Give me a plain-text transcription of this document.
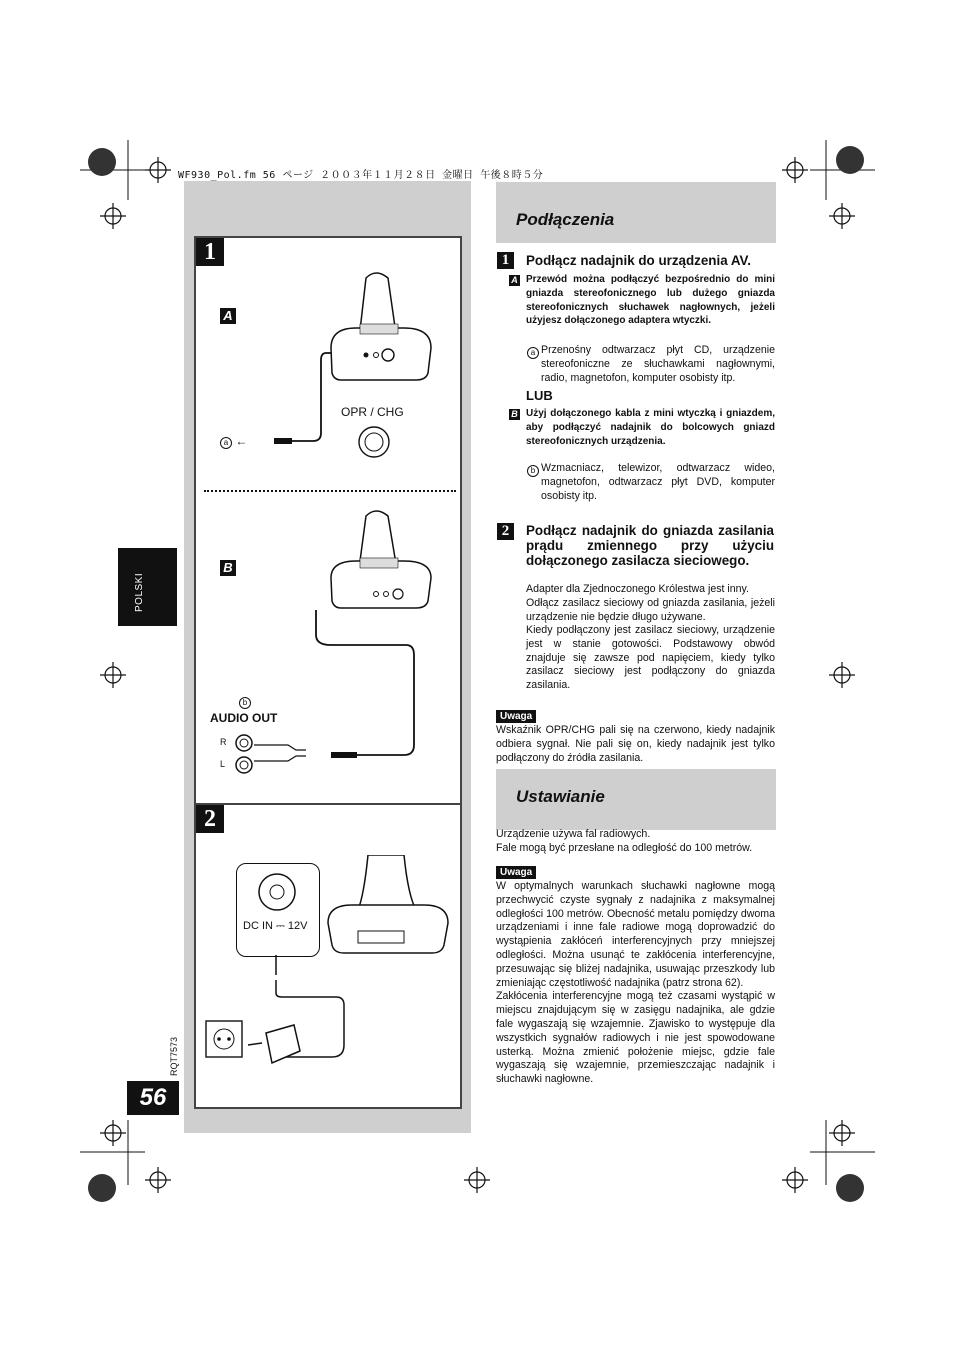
WF930_Pol.fm 56 ページ ２００３年１１月２８日 金曜日 午後８時５分
POLSKI
RQT7573
56
1
A
B
OPR / CHG
a ←
b
AUDIO OUT
R
L
2
DC IN ⎓ 12V
Podłączenia
1	Podłącz nadajnik do urządzenia AV.
A Przewód można podłączyć bezpośrednio do mini gniazda stereofonicznego lub dużego gniazda stereofonicznych słuchawek nagłownych, jeżeli użyjesz dołączonego adaptera wtyczki.
a Przenośny odtwarzacz płyt CD, urządzenie stereofoniczne ze słuchawkami nagłownymi, radio, magnetofon, komputer osobisty itp.
LUB
B Użyj dołączonego kabla z mini wtyczką i gniazdem, aby podłączyć nadajnik do bolcowych gniazd stereofonicznych urządzenia.
b Wzmacniacz, telewizor, odtwarzacz wideo, magnetofon, odtwarzacz płyt DVD, komputer osobisty itp.
2	Podłącz nadajnik do gniazda zasilania prądu zmiennego przy użyciu dołączonego zasilacza sieciowego.
Adapter dla Zjednoczonego Królestwa jest inny.
Odłącz zasilacz sieciowy od gniazda zasilania, jeżeli urządzenie nie będzie długo używane.
Kiedy podłączony jest zasilacz sieciowy, urządzenie jest w stanie gotowości. Podstawowy obwód znajduje się zawsze pod napięciem, kiedy tylko zasilacz sieciowy jest podłączony do gniazda zasilania.
Uwaga
Wskaźnik OPR/CHG pali się na czerwono, kiedy nadajnik odbiera sygnał. Nie pali się on, kiedy nadajnik jest tylko podłączony do źródła zasilania.
Ustawianie
Urządzenie używa fal radiowych.
Fale mogą być przesłane na odległość do 100 metrów.
Uwaga
W optymalnych warunkach słuchawki nagłowne mogą przechwycić czyste sygnały z nadajnika z maksymalnej odległości 100 metrów. Obecność metalu pomiędzy dwoma urządzeniami i inne fale radiowe mogą doprowadzić do wystąpienia zakłóceń interferencyjnych przy mniejszej odległości. Można usunąć te zakłócenia interferencyjne, przesuwając się bliżej nadajnika, usuwając przeszkody lub zmieniając częstotliwość nadajnika (patrz strona 62).
Zakłócenia interferencyjne mogą też czasami wystąpić w miejscu znajdującym się w zasięgu nadajnika, ale gdzie fale wygaszają się wzajemnie. Zjawisko to występuje dla wszystkich sygnałów radiowych i nie jest spowodowane usterką. Można zmienić położenie miejsc, gdzie fale wygaszają się wzajemnie, przemieszczając nadajnik i słuchawki nagłowne.
